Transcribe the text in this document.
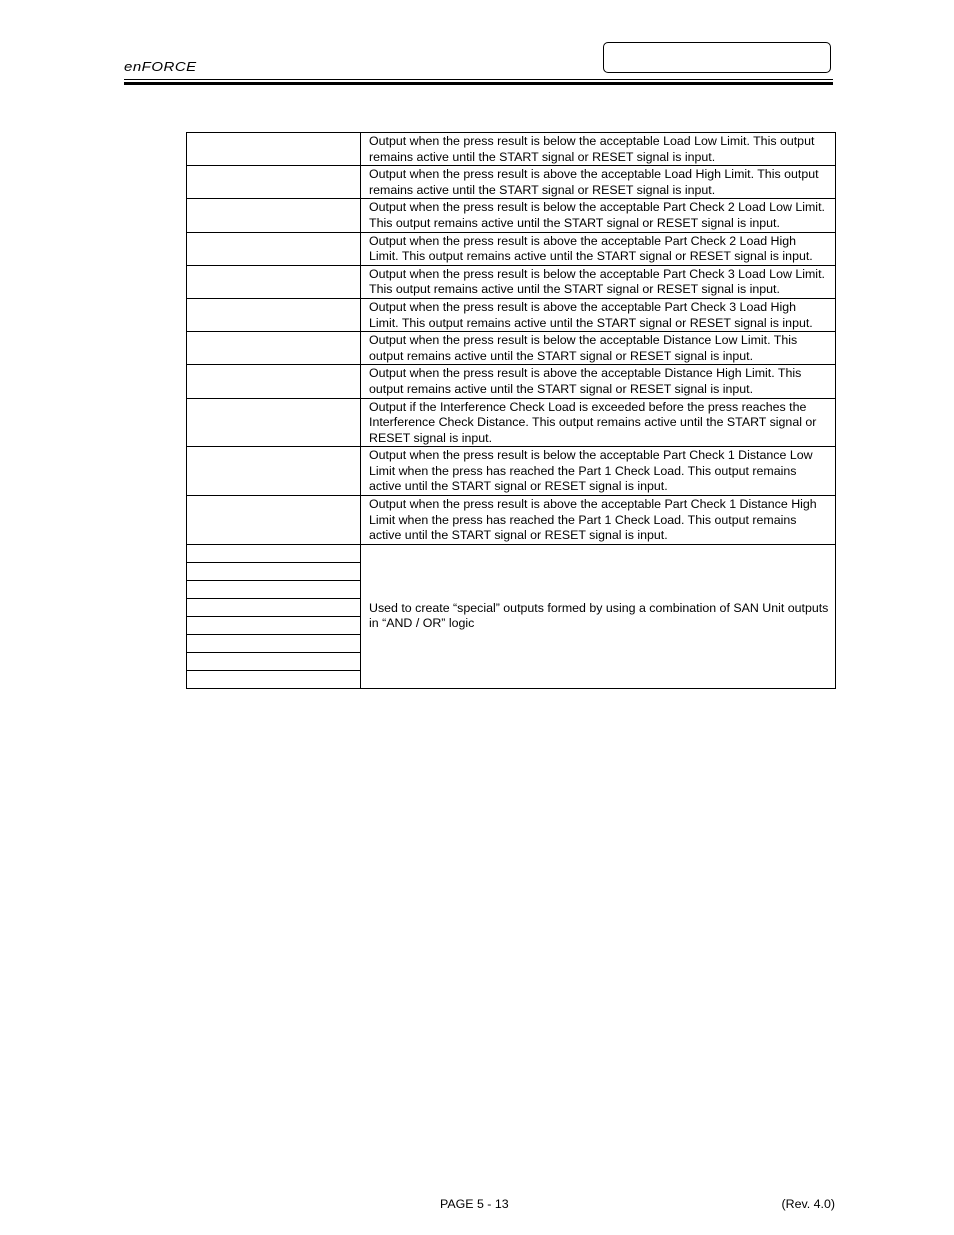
enFORCE
	Output when the press result is below the acceptable Load Low Limit. This output remains active until the START signal or RESET signal is input.
	Output when the press result is above the acceptable Load High Limit. This output remains active until the START signal or RESET signal is input.
	Output when the press result is below the acceptable Part Check 2 Load Low Limit. This output remains active until the START signal or RESET signal is input.
	Output when the press result is above the acceptable Part Check 2 Load High Limit. This output remains active until the START signal or RESET signal is input.
	Output when the press result is below the acceptable Part Check 3 Load Low Limit. This output remains active until the START signal or RESET signal is input.
	Output when the press result is above the acceptable Part Check 3 Load High Limit. This output remains active until the START signal or RESET signal is input.
	Output when the press result is below the acceptable Distance Low Limit. This output remains active until the START signal or RESET signal is input.
	Output when the press result is above the acceptable Distance High Limit. This output remains active until the START signal or RESET signal is input.
	Output if the Interference Check Load is exceeded before the press reaches the Interference Check Distance. This output remains active until the START signal or RESET signal is input.
	Output when the press result is below the acceptable Part Check 1 Distance Low Limit when the press has reached the Part 1 Check Load. This output remains active until the START signal or RESET signal is input.
	Output when the press result is above the acceptable Part Check 1 Distance High Limit when the press has reached the Part 1 Check Load. This output remains active until the START signal or RESET signal is input.
	Used to create “special” outputs formed by using a combination of SAN Unit outputs in “AND / OR” logic

PAGE 5 - 13	(Rev. 4.0)
